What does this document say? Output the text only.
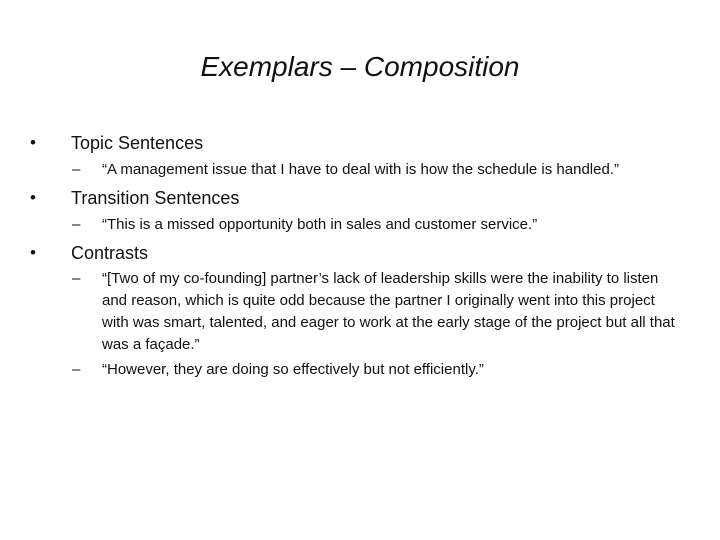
Exemplars – Composition
• Topic Sentences
– “A management issue that I have to deal with is how the schedule is handled.”
• Transition Sentences
– “This is a missed opportunity both in sales and customer service.”
• Contrasts
– “[Two of my co-founding] partner’s lack of leadership skills were the inability to listen and reason, which is quite odd because the partner I originally went into this project with was smart, talented, and eager to work at the early stage of the project but all that was a façade.”
– “However, they are doing so effectively but not efficiently.”
